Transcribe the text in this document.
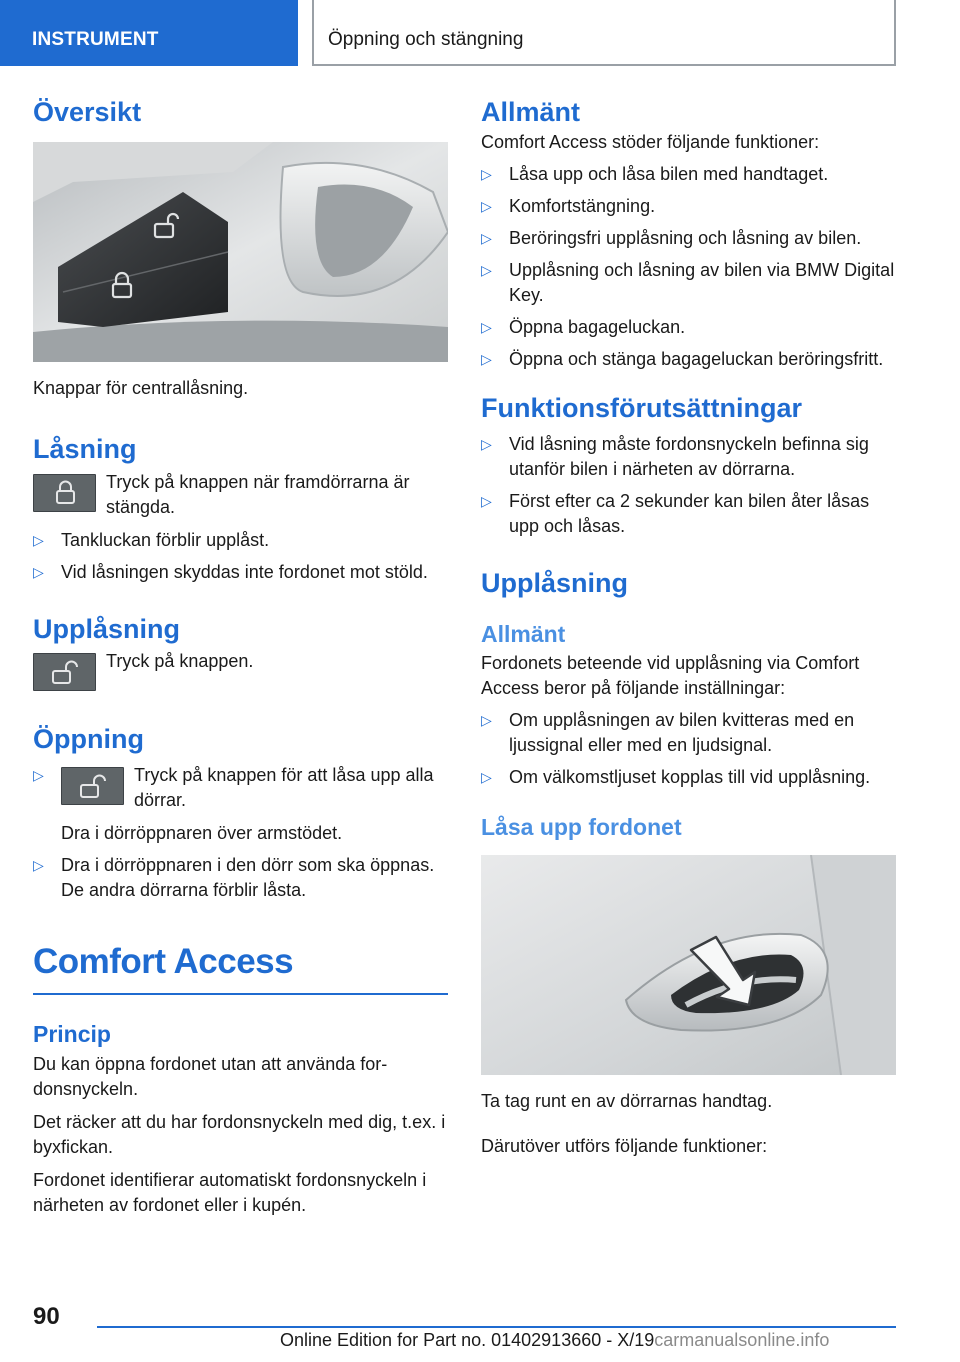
INSTRUMENT	Öppning och stängning
Översikt
Knappar för centrallåsning.
Låsning

Tryck på knappen när framdörrarna är stängda.

▷ Tankluckan förblir upplåst.
▷ Vid låsningen skyddas inte fordonet mot stöld.
Upplåsning

Tryck på knappen.

Öppning
▷	Tryck på knappen för att låsa upp alla dörrar.
Dra i dörröppnaren över armstödet.
▷ Dra i dörröppnaren i den dörr som ska öppnas. De andra dörrarna förblir låsta.
Comfort Access
Princip

Du kan öppna fordonet utan att använda fordonsnyckeln.

Det räcker att du har fordonsnyckeln med dig, t.ex. i byxfickan.

Fordonet identifierar automatiskt fordonsnyckeln i närheten av fordonet eller i kupén.

Allmänt

Comfort Access stöder följande funktioner:

▷ Låsa upp och låsa bilen med handtaget.
▷ Komfortstängning.
▷ Beröringsfri upplåsning och låsning av bilen.
▷ Upplåsning och låsning av bilen via BMW Digital Key.
▷ Öppna bagageluckan.
▷ Öppna och stänga bagageluckan beröringsfritt.
Funktionsförutsättningar
▷ Vid låsning måste fordonsnyckeln befinna sig utanför bilen i närheten av dörrarna.
▷ Först efter ca 2 sekunder kan bilen åter låsas upp och låsas.
Upplåsning
Allmänt

Fordonets beteende vid upplåsning via Comfort Access beror på följande inställningar:

▷ Om upplåsningen av bilen kvitteras med en ljussignal eller med en ljudsignal.
▷ Om välkomstljuset kopplas till vid upplåsning.
Låsa upp fordonet
Ta tag runt en av dörrarnas handtag.

Därutöver utförs följande funktioner:

90
Online Edition for Part no. 01402913660 - X/19carmanualsonline.info
